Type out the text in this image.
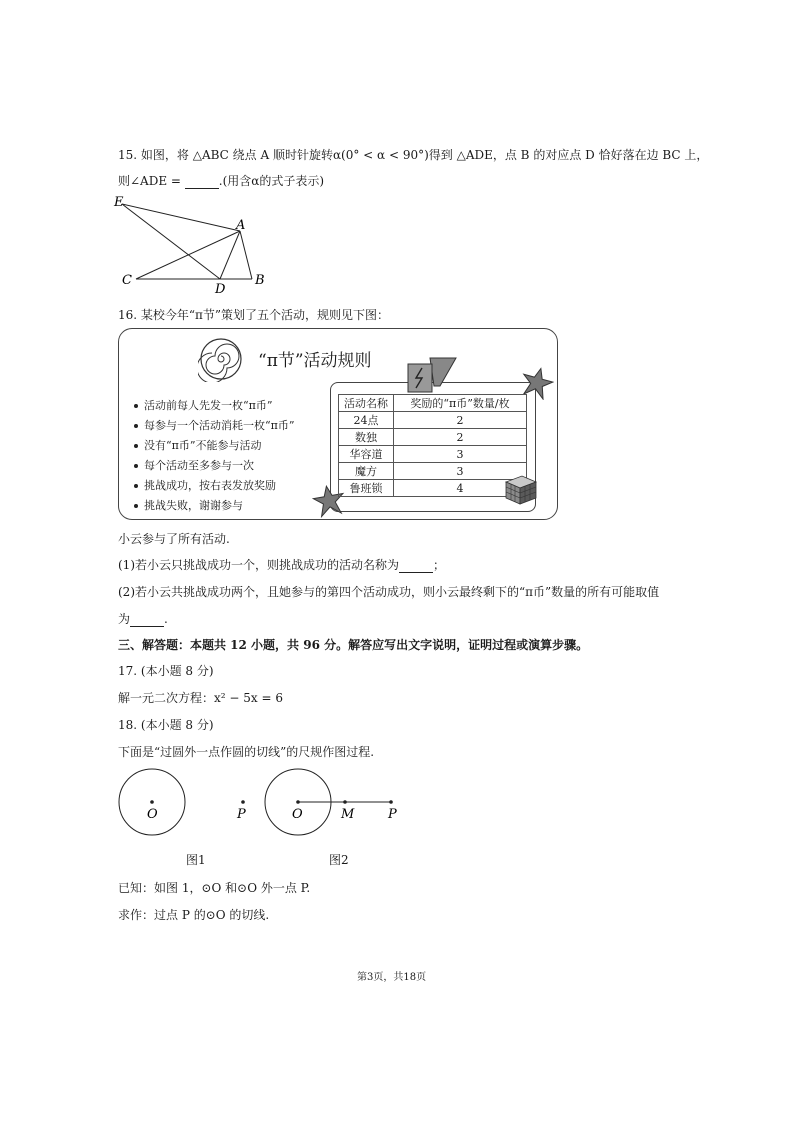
15. 如图，将 △ABC 绕点 A 顺时针旋转α(0° < α < 90°)得到 △ADE，点 B 的对应点 D 恰好落在边 BC 上，
则∠ADE =	.(用含α的式子表示)
E
A
C
D
B
16. 某校今年“π节”策划了五个活动，规则见下图：
“π节”活动规则
活动前每人先发一枚“π币”
每参与一个活动消耗一枚“π币”
没有“π币”不能参与活动
每个活动至多参与一次
挑战成功，按右表发放奖励
挑战失败，谢谢参与
活动名称	奖励的“π币”数量/枚
24点	2
数独	2
华容道	3
魔方	3
鲁班锁	4
小云参与了所有活动.
(1)若小云只挑战成功一个，则挑战成功的活动名称为	；
(2)若小云共挑战成功两个，且她参与的第四个活动成功，则小云最终剩下的“π币”数量的所有可能取值
为	.
三、解答题：本题共 12 小题，共 96 分。解答应写出文字说明，证明过程或演算步骤。
17. (本小题 8 分)
解一元二次方程：x² − 5x = 6
18. (本小题 8 分)
下面是“过圆外一点作圆的切线”的尺规作图过程.
O	P	O	M	P
图1	图2
已知：如图 1，⊙O 和⊙O 外一点 P.
求作：过点 P 的⊙O 的切线.
第3页，共18页
